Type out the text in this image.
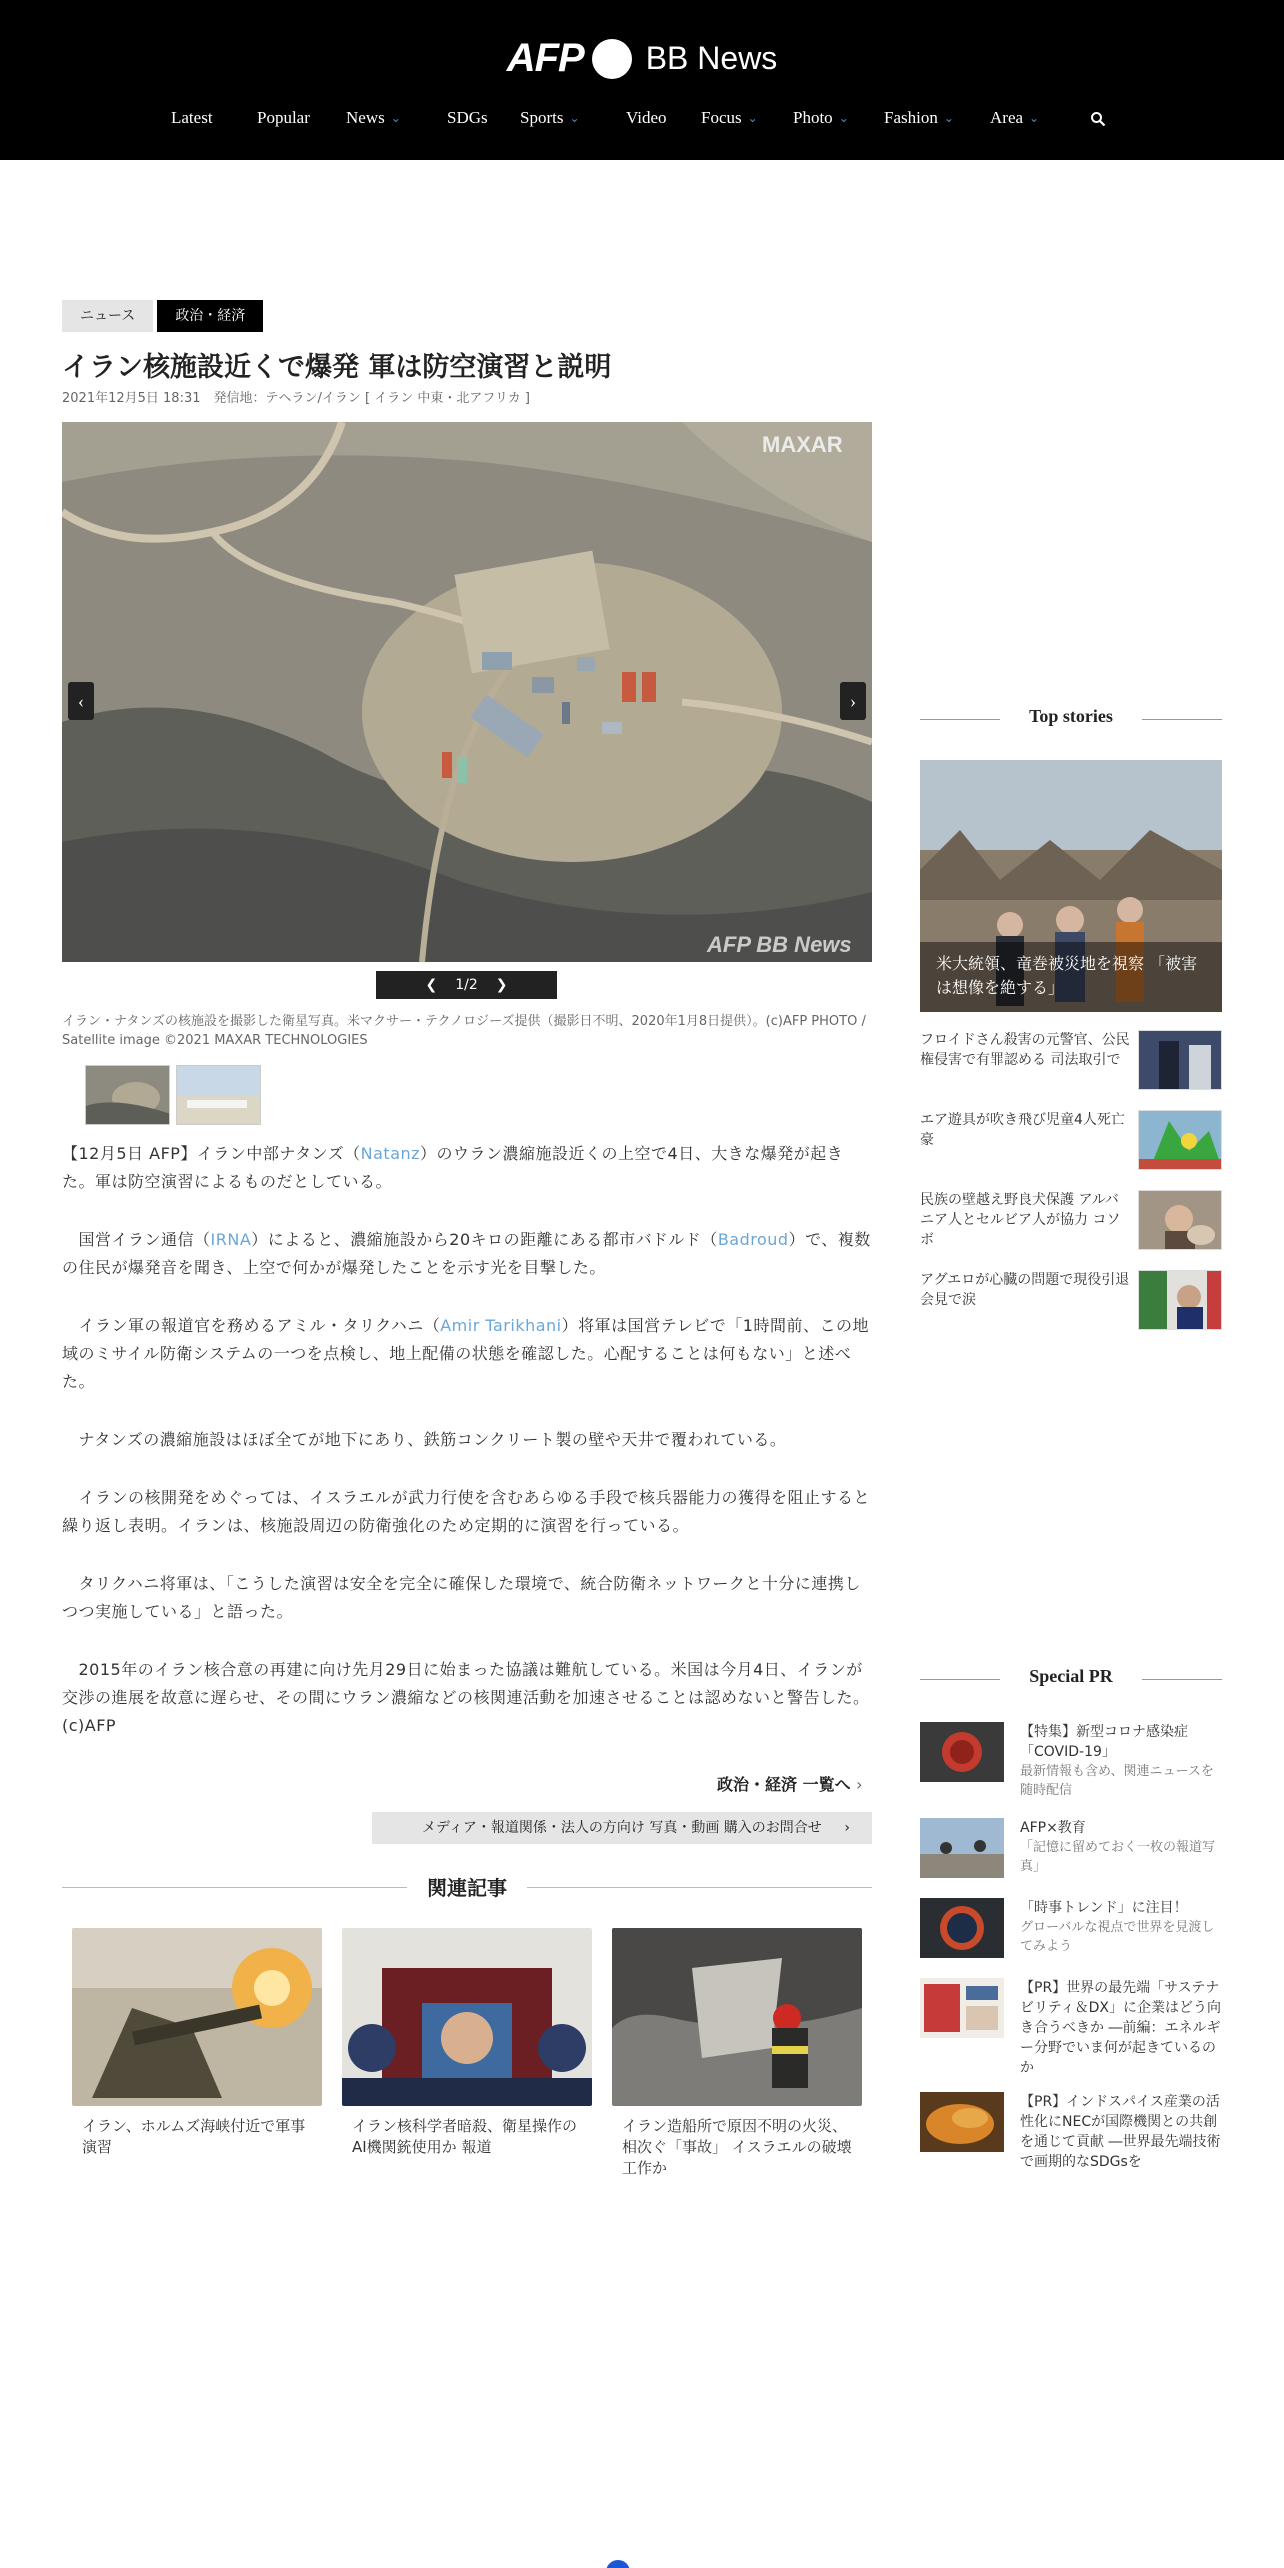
AFP BB News
Latest	Popular News ⌄	SDGs Sports ⌄	Video Focus ⌄ Photo ⌄ Fashion ⌄ Area ⌄
ニュース	政治・経済
イラン核施設近くで爆発 軍は防空演習と説明
2021年12月5日 18:31　発信地：テヘラン/イラン [ イラン 中東・北アフリカ ]
MAXAR
AFP BB News
‹	›
❮ 1/2 ❯
イラン・ナタンズの核施設を撮影した衛星写真。米マクサー・テクノロジーズ提供（撮影日不明、2020年1月8日提供）。(c)AFP PHOTO / Satellite image ©2021 MAXAR TECHNOLOGIES

【12月5日 AFP】イラン中部ナタンズ（Natanz）のウラン濃縮施設近くの上空で4日、大きな爆発が起きた。軍は防空演習によるものだとしている。

　国営イラン通信（IRNA）によると、濃縮施設から20キロの距離にある都市バドルド（Badroud）で、複数の住民が爆発音を聞き、上空で何かが爆発したことを示す光を目撃した。

　イラン軍の報道官を務めるアミル・タリクハニ（Amir Tarikhani）将軍は国営テレビで「1時間前、この地域のミサイル防衛システムの一つを点検し、地上配備の状態を確認した。心配することは何もない」と述べた。

　ナタンズの濃縮施設はほぼ全てが地下にあり、鉄筋コンクリート製の壁や天井で覆われている。

　イランの核開発をめぐっては、イスラエルが武力行使を含むあらゆる手段で核兵器能力の獲得を阻止すると繰り返し表明。イランは、核施設周辺の防衛強化のため定期的に演習を行っている。

　タリクハニ将軍は、「こうした演習は安全を完全に確保した環境で、統合防衛ネットワークと十分に連携しつつ実施している」と語った。

　2015年のイラン核合意の再建に向け先月29日に始まった協議は難航している。米国は今月4日、イランが交渉の進展を故意に遅らせ、その間にウラン濃縮などの核関連活動を加速させることは認めないと警告した。(c)AFP

政治・経済 一覧へ ›
メディア・報道関係・法人の方向け 写真・動画 購入のお問合せ ›
関連記事
イラン、ホルムズ海峡付近で軍事演習
イラン核科学者暗殺、衛星操作のAI機関銃使用か 報道
イラン造船所で原因不明の火災、相次ぐ「事故」 イスラエルの破壊工作か
Top stories
米大統領、竜巻被災地を視察 「被害は想像を絶する」
フロイドさん殺害の元警官、公民権侵害で有罪認める 司法取引で
エア遊具が吹き飛び児童4人死亡 豪
民族の壁越え野良犬保護 アルバニア人とセルビア人が協力 コソボ
アグエロが心臓の問題で現役引退 会見で涙
Special PR
【特集】新型コロナ感染症「COVID-19」
最新情報も含め、関連ニュースを随時配信
AFP×教育
「記憶に留めておく一枚の報道写真」
「時事トレンド」に注目！
グローバルな視点で世界を見渡してみよう
【PR】世界の最先端「サステナビリティ＆DX」に企業はどう向き合うべきか ―前編：エネルギー分野でいま何が起きているのか
【PR】インドスパイス産業の活性化にNECが国際機関との共創を通じて貢献 ―世界最先端技術で画期的なSDGsを
